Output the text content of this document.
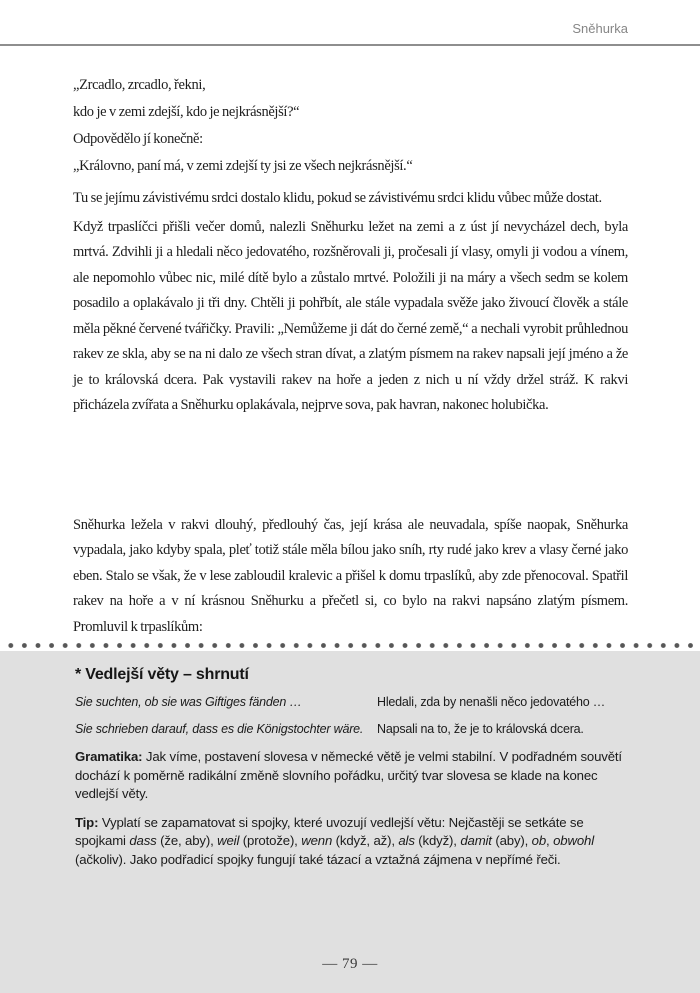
Sněhurka
„Zrcadlo, zrcadlo, řekni,
kdo je v zemi zdejší, kdo je nejkrásnější?“
Odpovědělo jí konečně:
„Královno, paní má, v zemi zdejší ty jsi ze všech nejkrásnější.“

Tu se jejímu závistivému srdci dostalo klidu, pokud se závistivému srdci klidu vůbec může dostat.

Když trpaslíčci přišli večer domů, nalezli Sněhurku ležet na zemi a z úst jí nevycházel dech, byla mrtvá. Zdvihli ji a hledali něco jedovatého, rozšněrovali ji, pročesali jí vlasy, omyli ji vodou a vínem, ale nepomohlo vůbec nic, milé dítě bylo a zůstalo mrtvé. Položili ji na máry a všech sedm se kolem posadilo a oplakávalo ji tři dny. Chtěli ji pohřbít, ale stále vypadala svěže jako živoucí člověk a stále měla pěkné červené tvářičky. Pravili: „Nemůžeme ji dát do černé země,“ a nechali vyrobit průhlednou rakev ze skla, aby se na ni dalo ze všech stran dívat, a zlatým písmem na rakev napsali její jméno a že je to královská dcera. Pak vystavili rakev na hoře a jeden z nich u ní vždy držel stráž. K rakvi přicházela zvířata a Sněhurku oplakávala, nejprve sova, pak havran, nakonec holubička.

Sněhurka ležela v rakvi dlouhý, předlouhý čas, její krása ale neuvadala, spíše naopak, Sněhurka vypadala, jako kdyby spala, pleť totiž stále měla bílou jako sníh, rty rudé jako krev a vlasy černé jako eben. Stalo se však, že v lese zabloudil kralevic a přišel k domu trpaslíků, aby zde přenocoval. Spatřil rakev na hoře a v ní krásnou Sněhurku a přečetl si, co bylo na rakvi napsáno zlatým písmem. Promluvil k trpaslíkům:

* Vedlejší věty – shrnutí
Sie suchten, ob sie was Giftiges fänden …	Hledali, zda by nenašli něco jedovatého …
Sie schrieben darauf, dass es die Königstochter wäre.	Napsali na to, že je to královská dcera.

Gramatika: Jak víme, postavení slovesa v německé větě je velmi stabilní. V podřadném souvětí dochází k poměrně radikální změně slovního pořádku, určitý tvar slovesa se klade na konec vedlejší věty.

Tip: Vyplatí se zapamatovat si spojky, které uvozují vedlejší větu: Nejčastěji se setkáte se spojkami dass (že, aby), weil (protože), wenn (když, až), als (když), damit (aby), ob, obwohl (ačkoliv). Jako podřadicí spojky fungují také tázací a vztažná zájmena v nepřímé řeči.

— 79 —
